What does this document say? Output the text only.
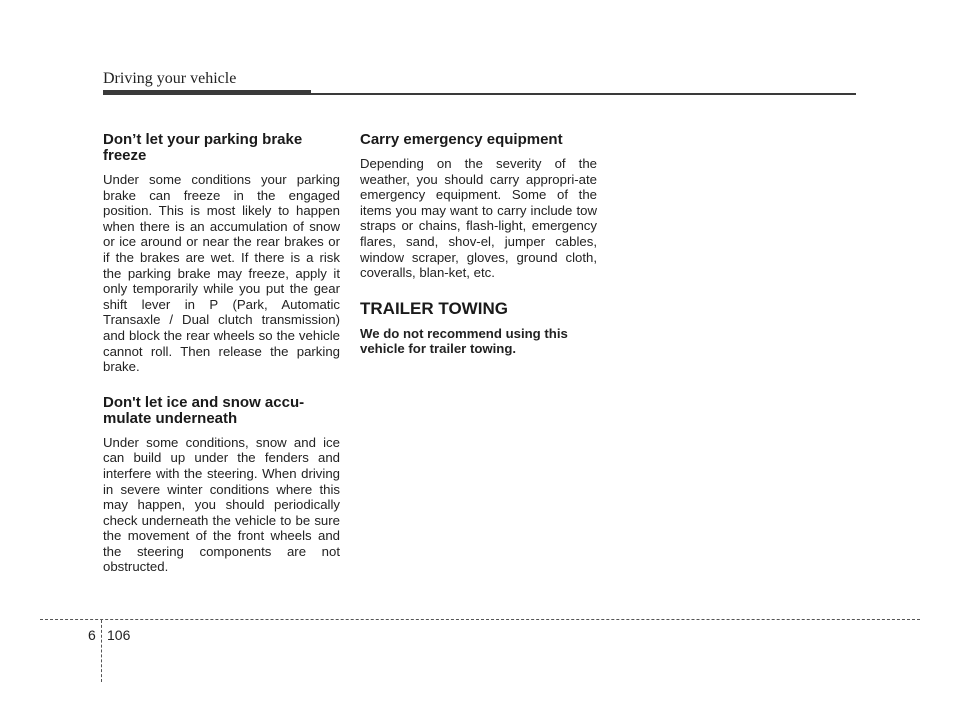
Driving your vehicle
Don’t let your parking brake freeze

Under some conditions your parking brake can freeze in the engaged position. This is most likely to happen when there is an accumulation of snow or ice around or near the rear brakes or if the brakes are wet. If there is a risk the parking brake may freeze, apply it only temporarily while you put the gear shift lever in P (Park, Automatic Transaxle / Dual clutch transmission) and block the rear wheels so the vehicle cannot roll. Then release the parking brake.

Don't let ice and snow accu-mulate underneath

Under some conditions, snow and ice can build up under the fenders and interfere with the steering. When driving in severe winter conditions where this may happen, you should periodically check underneath the vehicle to be sure the movement of the front wheels and the steering components are not obstructed.

Carry emergency equipment

Depending on the severity of the weather, you should carry appropri-ate emergency equipment. Some of the items you may want to carry include tow straps or chains, flash-light, emergency flares, sand, shov-el, jumper cables, window scraper, gloves, ground cloth, coveralls, blan-ket, etc.

TRAILER TOWING

We do not recommend using this vehicle for trailer towing.

6 106
